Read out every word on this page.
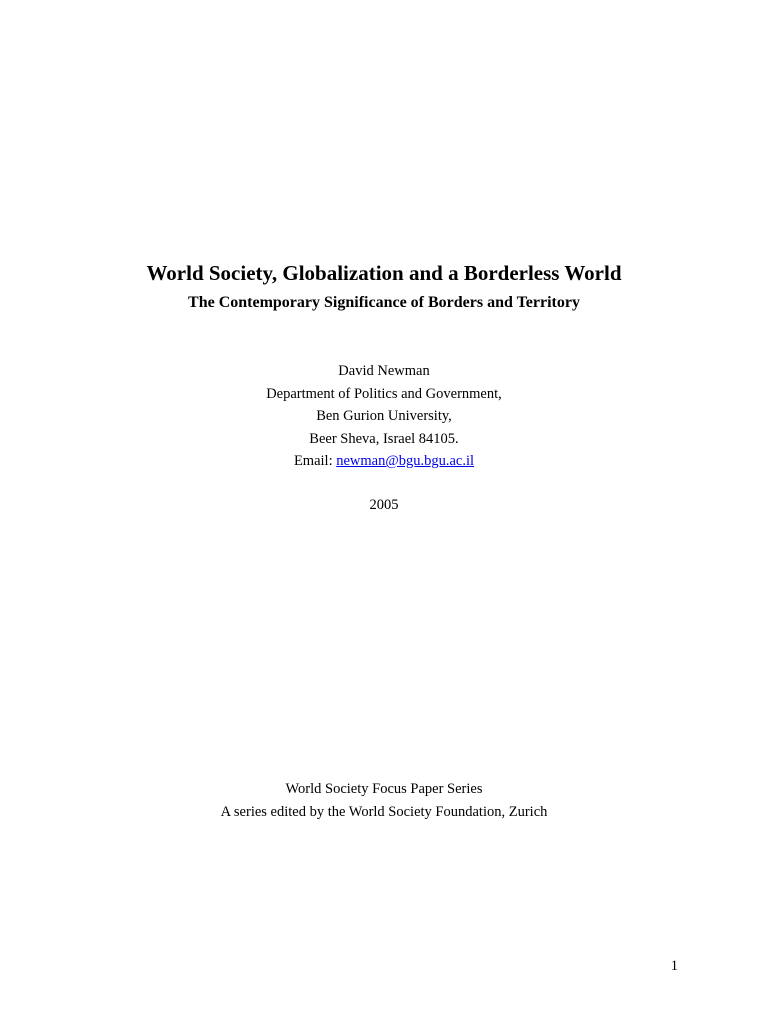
World Society, Globalization and a Borderless World
The Contemporary Significance of Borders and Territory
David Newman
Department of Politics and Government,
Ben Gurion University,
Beer Sheva, Israel 84105.
Email: newman@bgu.bgu.ac.il
2005
World Society Focus Paper Series
A series edited by the World Society Foundation, Zurich
1
